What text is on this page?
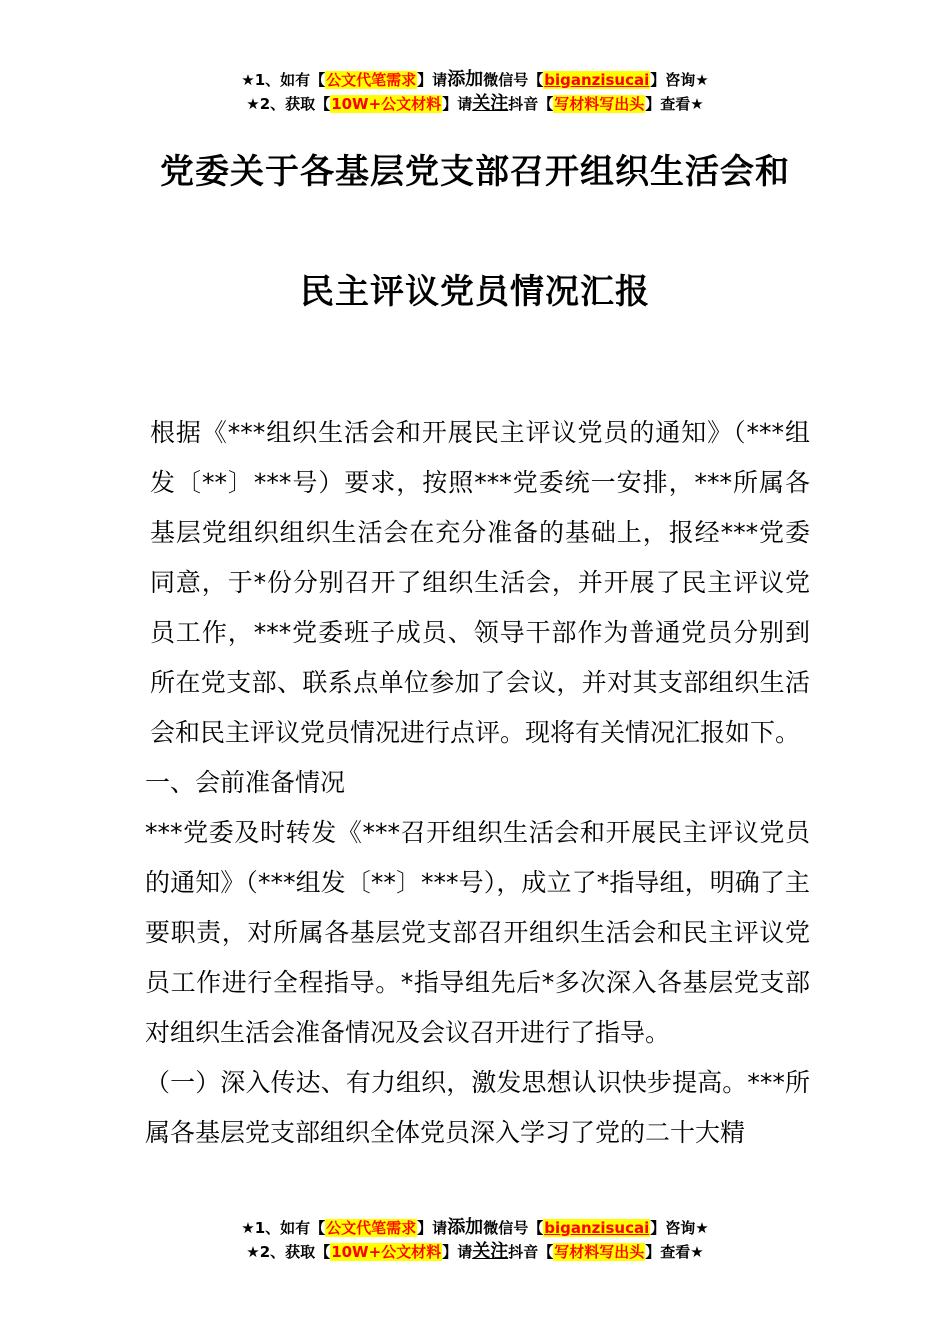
★1、如有【公文代笔需求】请添加微信号【biganzisucai】咨询★
★2、获取【10W+公文材料】请关注抖音【写材料写出头】查看★
党委关于各基层党支部召开组织生活会和
民主评议党员情况汇报

根据《***组织生活会和开展民主评议党员的通知》（***组发〔**〕***号）要求，按照***党委统一安排，***所属各基层党组织组织生活会在充分准备的基础上，报经***党委同意，于*份分别召开了组织生活会，并开展了民主评议党员工作，***党委班子成员、领导干部作为普通党员分别到所在党支部、联系点单位参加了会议，并对其支部组织生活会和民主评议党员情况进行点评。现将有关情况汇报如下。

一、会前准备情况

***党委及时转发《***召开组织生活会和开展民主评议党员的通知》（***组发〔**〕***号），成立了*指导组，明确了主要职责，对所属各基层党支部召开组织生活会和民主评议党员工作进行全程指导。*指导组先后*多次深入各基层党支部对组织生活会准备情况及会议召开进行了指导。

（一）深入传达、有力组织，激发思想认识快步提高。***所属各基层党支部组织全体党员深入学习了党的二十大精

★1、如有【公文代笔需求】请添加微信号【biganzisucai】咨询★
★2、获取【10W+公文材料】请关注抖音【写材料写出头】查看★
